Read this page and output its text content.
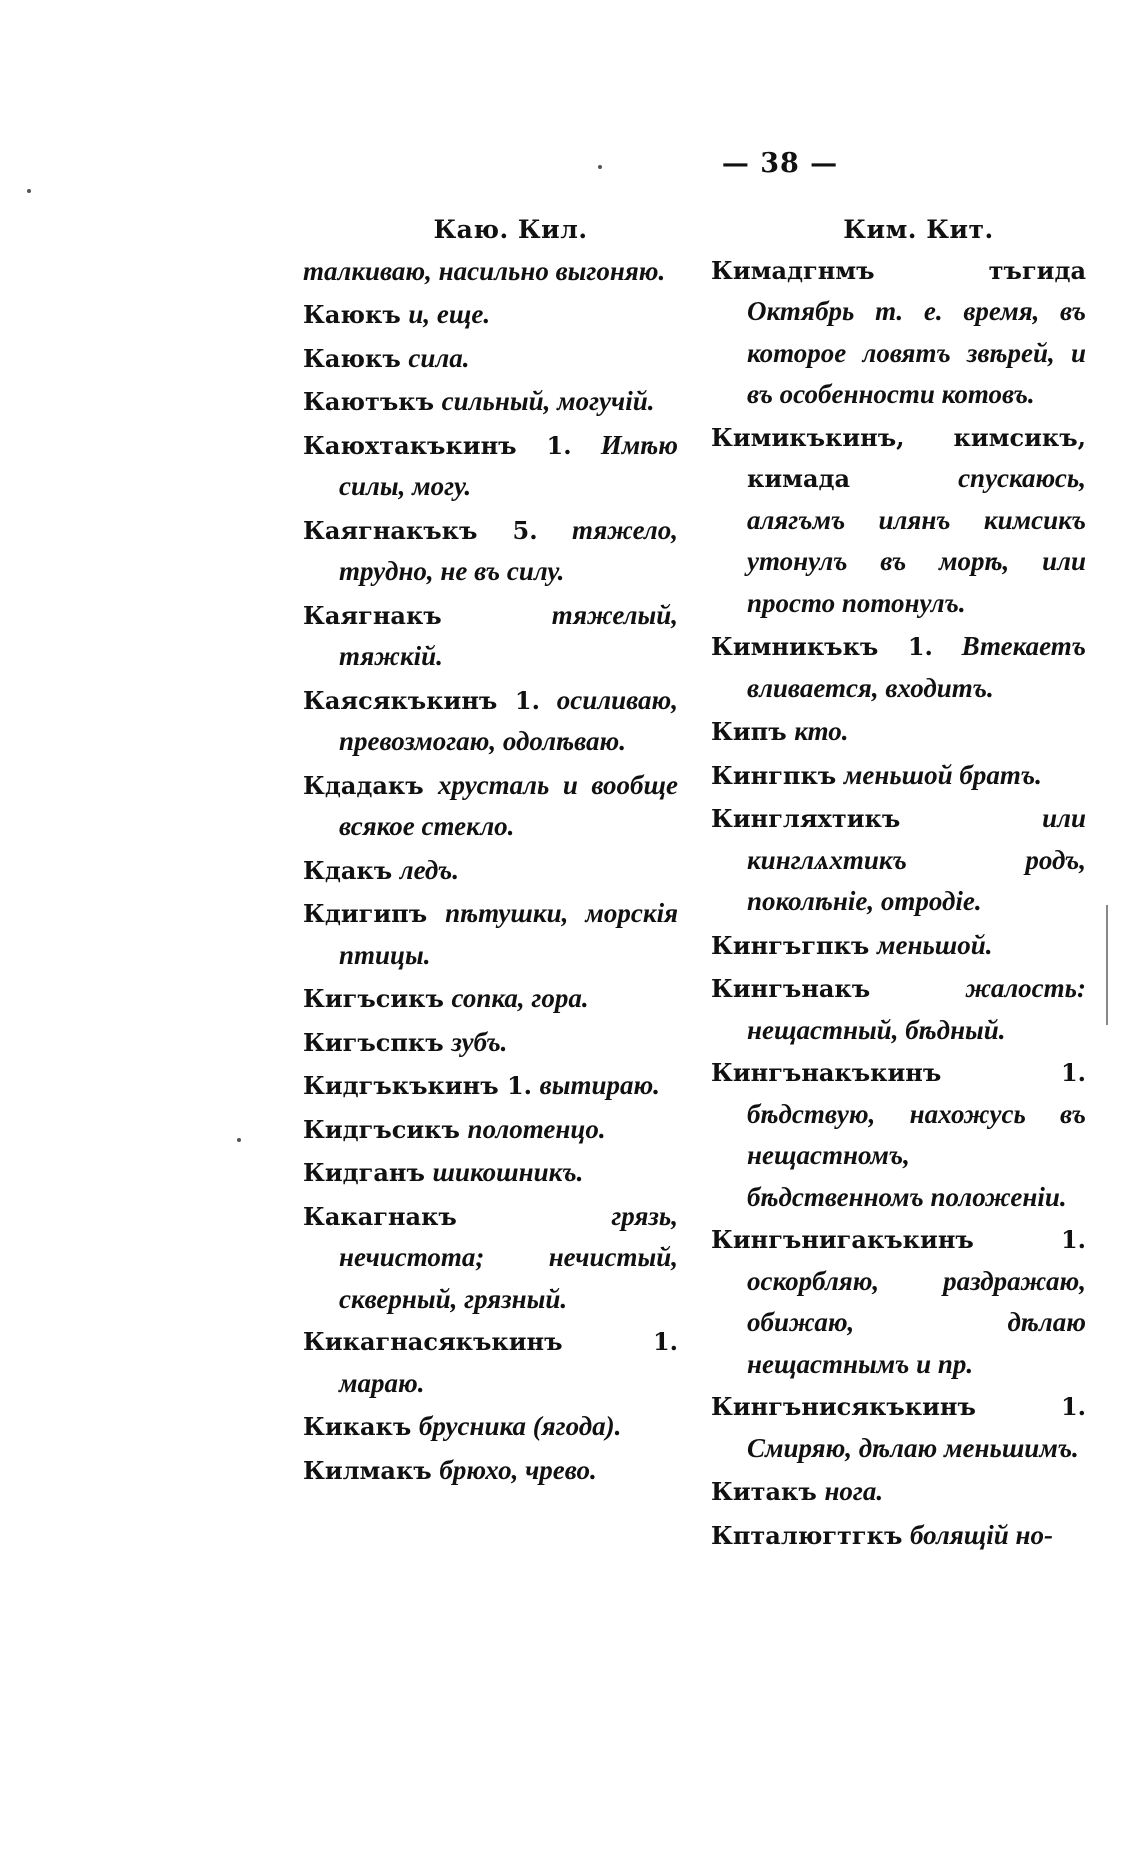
— 38 —
Каю. Кил.
талкиваю, насильно выгоняю.
Каюкъ и, еще.
Каюкъ сила.
Каютъкъ сильный, могучій.
Каюхтакъкинъ 1. Имѣю силы, могу.
Каягнакъкъ 5. тяжело, трудно, не въ силу.
Каягнакъ	тяжелый, тяжкій.
Каясякъкинъ 1. осиливаю, превозмогаю, одолѣваю.
Кдадакъ хрусталь и вообще всякое стекло.
Кдакъ ледъ.
Кдигипъ пѣтушки, морскія птицы.
Кигъсикъ сопка, гора.
Кигъспкъ зубъ.
Кидгъкъкинъ 1. вытираю.
Кидгъсикъ полотенцо.
Кидганъ шикошникъ.
Какагнакъ	грязь, нечистота; нечистый, скверный, грязный.
Кикагнасякъкинъ 1. мараю.
Кикакъ брусника (ягода).
Килмакъ брюхо, чрево.
Ким. Кит.
Кимадгнмъ тъгида Октябрь т. е. время, въ которое ловятъ звѣрей, и въ особенности котовъ.
Кимикъкинъ, кимсикъ, кимада	спускаюсь, алягъмъ илянъ кимсикъ утонулъ въ морѣ, или просто потонулъ.
Кимникъкъ 1. Втекаетъ вливается, входитъ.
Кипъ кто.
Кингпкъ меньшой братъ.
Кингляхтикъ	или кинглѧхтикъ родъ, поколѣніе, отродіе.
Кингъгпкъ меньшой.
Кингънакъ	жалость: нещастный, бѣдный.
Кингънакъкинъ 1. бѣдствую, нахожусь въ нещастномъ, бѣдственномъ положеніи.
Кингънигакъкинъ 1. оскорбляю, раздражаю, обижаю, дѣлаю нещастнымъ и пр.
Кингънисякъкинъ 1. Смиряю, дѣлаю меньшимъ.
Китакъ нога.
Кпталюгтгкъ болящій но-
